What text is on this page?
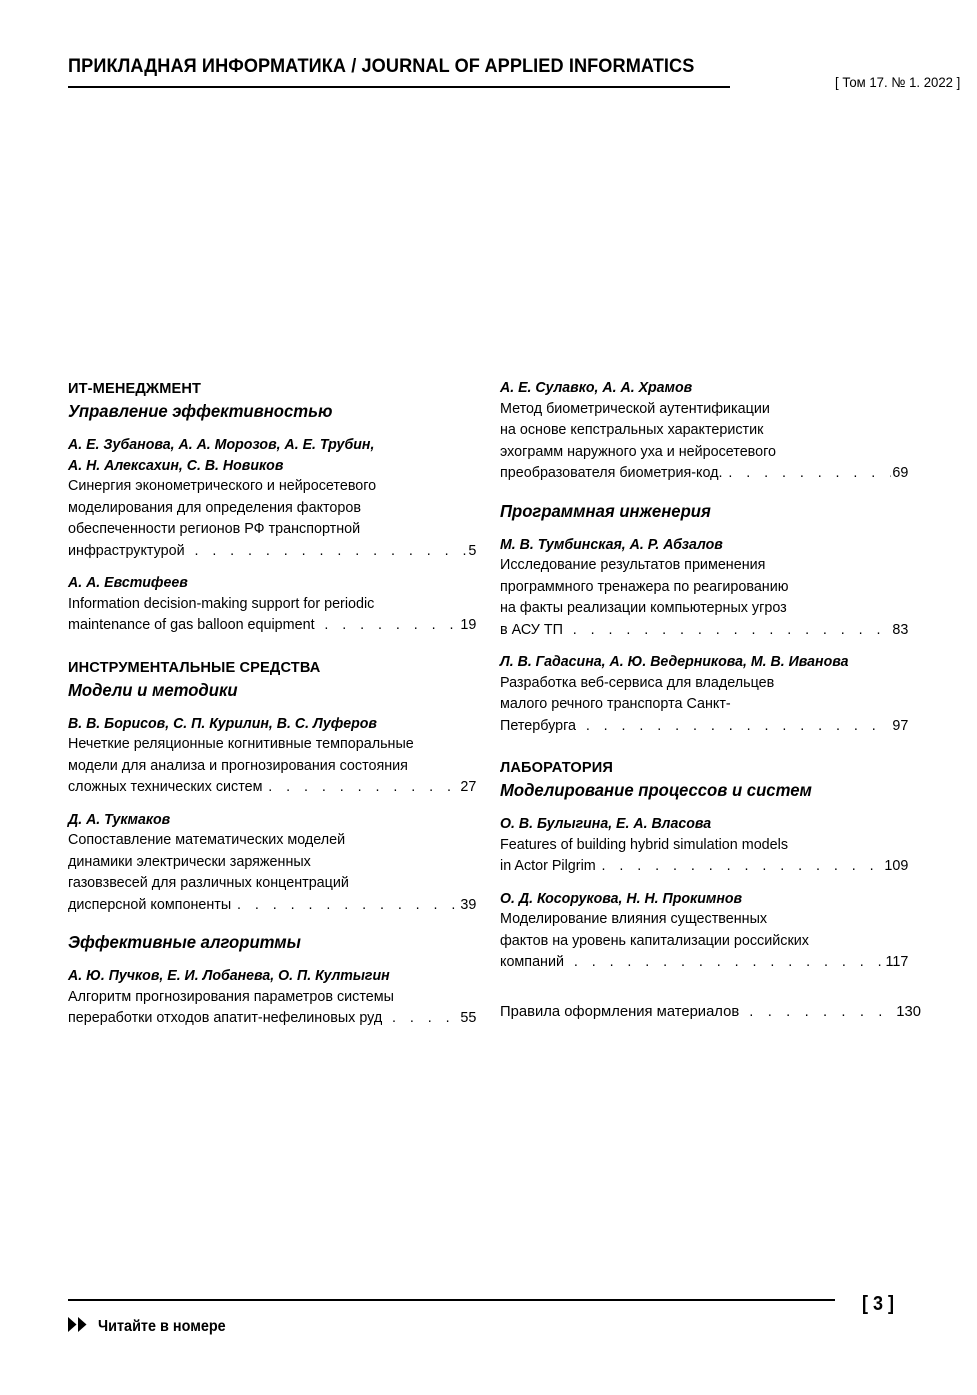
ПРИКЛАДНАЯ ИНФОРМАТИКА / JOURNAL OF APPLIED INFORMATICS
[ Том 17. № 1. 2022 ]
ИТ-МЕНЕДЖМЕНТ
Управление эффективностью
А. Е. Зубанова, А. А. Морозов, А. Е. Трубин,
А. Н. Алексахин, С. В. Новиков
Синергия эконометрического и нейросетевого
моделирования для определения факторов
обеспеченности регионов РФ транспортной
инфраструктурой . . .	5
А. А. Евстифеев
Information decision-making support for periodic
maintenance of gas balloon equipment . . .	19
ИНСТРУМЕНТАЛЬНЫЕ СРЕДСТВА
Модели и методики
В. В. Борисов, С. П. Курилин, В. С. Луферов
Нечеткие реляционные когнитивные темпоральные
модели для анализа и прогнозирования состояния
сложных технических систем . . .	27
Д. А. Тукмаков
Сопоставление математических моделей
динамики электрически заряженных
газовзвесей для различных концентраций
дисперсной компоненты . . .	39
Эффективные алгоритмы
А. Ю. Пучков, Е. И. Лобанева, О. П. Култыгин
Алгоритм прогнозирования параметров системы
переработки отходов апатит-нефелиновых руд . . .	55
А. Е. Сулавко, А. А. Храмов
Метод биометрической аутентификации
на основе кепстральных характеристик
эхограмм наружного уха и нейросетевого
преобразователя биометрия-код. . . .	69
Программная инженерия
М. В. Тумбинская, А. Р. Абзалов
Исследование результатов применения
программного тренажера по реагированию
на факты реализации компьютерных угроз
в АСУ ТП . . .	83
Л. В. Гадасина, А. Ю. Ведерникова, М. В. Иванова
Разработка веб-сервиса для владельцев
малого речного транспорта Санкт-
Петербурга . . .	97
ЛАБОРАТОРИЯ
Моделирование процессов и систем
О. В. Булыгина, Е. А. Власова
Features of building hybrid simulation models
in Actor Pilgrim . . .	109
О. Д. Косорукова, Н. Н. Прокимнов
Моделирование влияния существенных
фактов на уровень капитализации российских
компаний . . .	117
Правила оформления материалов . . .	130
Читайте в номере
[ 3 ]
